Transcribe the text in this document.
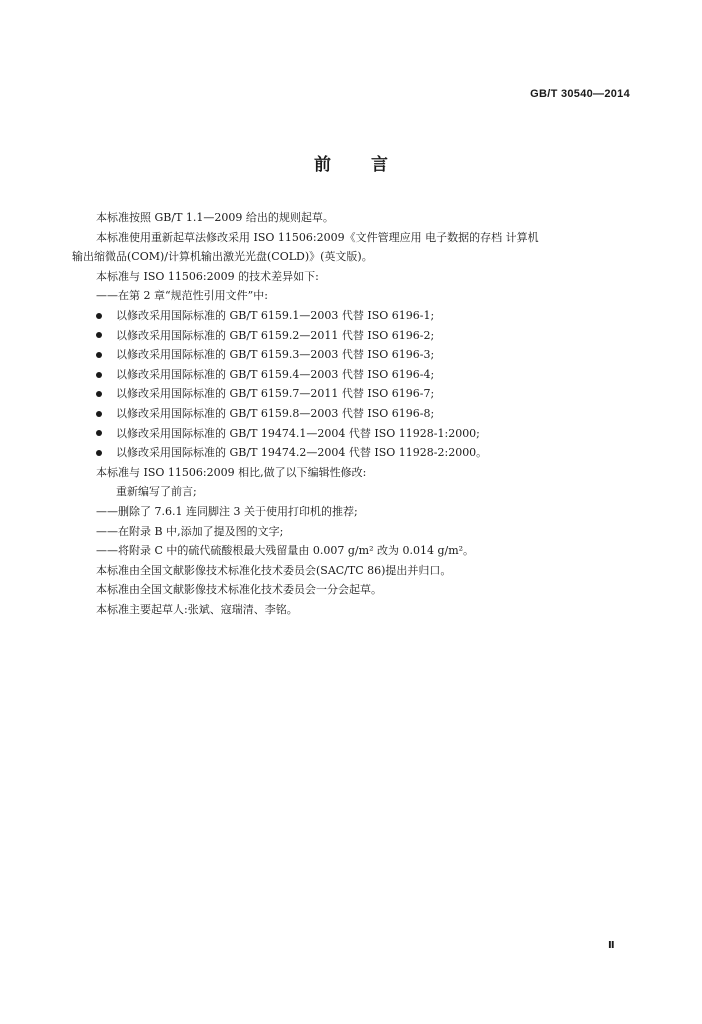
GB/T 30540—2014
前言

本标准按照 GB/T 1.1—2009 给出的规则起草。

本标准使用重新起草法修改采用 ISO 11506:2009《文件管理应用 电子数据的存档 计算机

输出缩微品(COM)/计算机输出激光光盘(COLD)》(英文版)。

本标准与 ISO 11506:2009 的技术差异如下:

——在第 2 章“规范性引用文件”中:

以修改采用国际标准的 GB/T 6159.1—2003 代替 ISO 6196-1;
以修改采用国际标准的 GB/T 6159.2—2011 代替 ISO 6196-2;
以修改采用国际标准的 GB/T 6159.3—2003 代替 ISO 6196-3;
以修改采用国际标准的 GB/T 6159.4—2003 代替 ISO 6196-4;
以修改采用国际标准的 GB/T 6159.7—2011 代替 ISO 6196-7;
以修改采用国际标准的 GB/T 6159.8—2003 代替 ISO 6196-8;
以修改采用国际标准的 GB/T 19474.1—2004 代替 ISO 11928-1:2000;
以修改采用国际标准的 GB/T 19474.2—2004 代替 ISO 11928-2:2000。

本标准与 ISO 11506:2009 相比,做了以下编辑性修改:

重新编写了前言;

——删除了 7.6.1 连同脚注 3 关于使用打印机的推荐;

——在附录 B 中,添加了提及图的文字;

——将附录 C 中的硫代硫酸根最大残留量由 0.007 g/m² 改为 0.014 g/m²。

本标准由全国文献影像技术标准化技术委员会(SAC/TC 86)提出并归口。

本标准由全国文献影像技术标准化技术委员会一分会起草。

本标准主要起草人:张斌、寇瑞清、李铭。

Ⅱ
